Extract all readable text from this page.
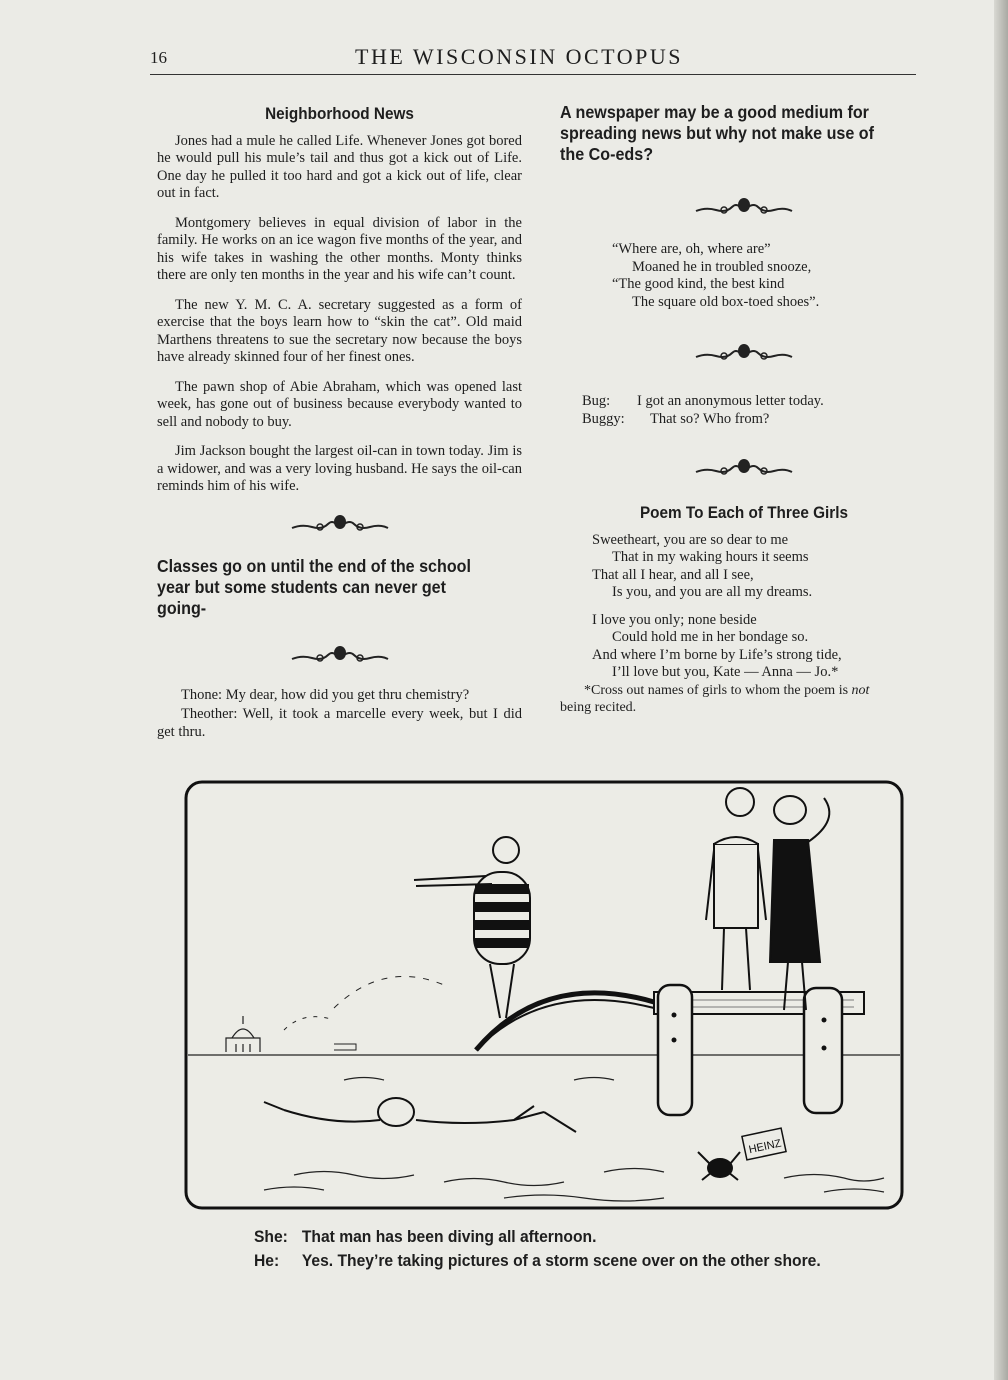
16	THE WISCONSIN OCTOPUS
Neighborhood News

Jones had a mule he called Life. Whenever Jones got bored he would pull his mule’s tail and thus got a kick out of Life. One day he pulled it too hard and got a kick out of life, clear out in fact.

Montgomery believes in equal division of labor in the family. He works on an ice wagon five months of the year, and his wife takes in washing the other months. Monty thinks there are only ten months in the year and his wife can’t count.

The new Y. M. C. A. secretary suggested as a form of exercise that the boys learn how to “skin the cat”. Old maid Marthens threatens to sue the secretary now because the boys have already skinned four of her finest ones.

The pawn shop of Abie Abraham, which was opened last week, has gone out of business because everybody wanted to sell and nobody to buy.

Jim Jackson bought the largest oil-can in town today. Jim is a widower, and was a very loving husband. He says the oil-can reminds him of his wife.

Classes go on until the end of the school year but some students can never get going-

Thone: My dear, how did you get thru chemistry?

Theother: Well, it took a marcelle every week, but I did get thru.

A newspaper may be a good medium for spreading news but why not make use of the Co-eds?

“Where are, oh, where are”

Moaned he in troubled snooze,

“The good kind, the best kind

The square old box-toed shoes”.

Bug:	I got an anonymous letter today.
Buggy:	That so? Who from?
Poem To Each of Three Girls

Sweetheart, you are so dear to me

That in my waking hours it seems

That all I hear, and all I see,

Is you, and you are all my dreams.

I love you only; none beside

Could hold me in her bondage so.

And where I’m borne by Life’s strong tide,

I’ll love but you, Kate — Anna — Jo.*

*Cross out names of girls to whom the poem is not
being recited.

HEINZ
She: That man has been diving all afternoon.
He:	Yes. They’re taking pictures of a storm scene over on the other shore.
